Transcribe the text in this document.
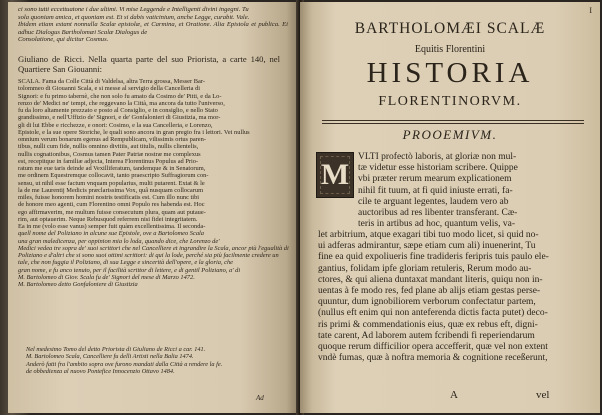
ci sono tutti eccettuatone i due ultimi. Vi mise Leggende e Intelligenti divini ingegni. Tu

sola quoniam amica, et quoniam est. Et si dabis vaticinium, anche Legge, curabit. Vale.

Ibidem etiam extant nonnulla Scalæ epistolæ, et Carmina, et Oratione. Alia Epistola et publica. Ei adhuc Dialogus Bartholomæi Scalæ Dialogus de

Consolatione, qui dicitur Cosmus.

Giuliano de Ricci. Nella quarta parte del suo Priorista, a carte 140, nel Quartiere San Giouanni:

SCALA. Fama da Colle Città di Valdelsa, altra Terra grossa, Messer Bar-
tolommeo di Giouanni Scala, e si messe al servigio della Cancelleria di
Signori: e fu primo tabernè, che non solo fu amato da Cosimo de' Pitti, e da Lo-
renzo de' Medici ne' tempi, che reggevano la Città, ma ancora da tutto l'universo,
fu da loro altamente prezzato e posto al Consiglio, e in consiglio, e nello Stato
grandissimo, e nell'Uffizio de' Signori, e de' Gonfalonieri di Giustizia, ma mor-
gli di lui Ebbe e ricchezze, e onori: Cosimo, e la sua Cancelleria, e Lorenzo,
Epistole, e la sue opere Storiche, le quali sono ancora in gran pregio fra i lettori. Vei nullus
omnium verum bonarum egenus ad Rempublicam, vilissimis ortus paren-
tibus, nulli cum fide, nullis omnino divitiis, aut titulis, nullis clientelis,
nullis cognationibus, Cosmus tamen Pater Patriæ nostræ me complexus
est, recepitque in familiæ adjecta, Interea Florentinus Populus ad Prio-
ratum me eue taris deinde ad Vexilliferatum, tandemque & in Senatorum,
me ordinem Equestremque collocavit, tanto praescripto Suffragiorum con-
sensu, ut nihil esse factum vnquam popularius, multi putarent. Extat & le
la de me Laurentij Medicis præclarissima Vox, quâ nusquam collocarum
miles, fuisse honorem homini nostris testificatis est. Cum illo nunc tibi
de honore meo agenti, cum Florentino omni Populo res habenda est. Hoc
ego affirmaverim, me multum fuisse consecutum plura, quam aut putaue-
rim, aut optauerim. Neque Rebusquod referrem nisi fidei integritatem.
Ea in me (volo esse vanus) semper fuit quàm excellentissima. Il seconda-
quell nome del Poliziano in alcune sue Epistole, ove a Bartolomeo Scala
una gran maledicenza, per oppinion mia lo loda, quando dice, che Lorenzo de'
Medici vedea tre sopra de' suoi scrittori che nel Cancelliere et ingrandire la Scala, ancor più l'egualità di
Poliziano e d'altri che si sono suoi ottimi scrittori: di qui la lode, perché sia più facilmente credere un
tale, che non fuggia il Poliziano, di sua Legge e sincerità dell'opere, e la gloria, che
gran nome, e fu anco tenuto, per il facilità scrittor di lettere, e di gentil Poliziano, a' di
M. Bartolomeo di Giov. Scala fu de' Signori del mese di Marzo 1472.
M. Bartolomeo detto Gonfaloniere di Giustizia
Nel medesimo Tomo del detto Priorista di Giuliano de Ricci a car. 141.
M. Bartolomeo Scala, Cancelliere fu delli Artisti nella Balia 1474.
Anderò fatti fra l'ambito sopra ove furono mandati dalla Città a rendere la fe.
de obbedienza al nuovo Pontefice Innocenzio Ottavo 1484.
Ad
I
BARTHOLOMÆI SCALÆ
Equitis Florentini
HISTORIA
FLORENTINORVM.
PROOEMIVM.
M
VLTI profectò laboris, at gloriæ non mul-
tæ videtur esse historiam scribere. Quippe
vbi præter rerum mearum explicationem
nihil fit tuum, at fi quid iniuste errati, fa-
cile te arguant legentes, laudem vero ab
auctoribus ad res libenter transferant. Cæ-
teris in artibus ad hoc, quantum velis, va-
let arbitrium, atque exagari tibi tuo modo licet, si quid no-
ui adferas admirantur, sæpe etiam cum ali) inuenerint, Tu
fine ea quid expoliueris fine tradideris feripris tuis paulo ele-
gantius, folidam ipfe gloriam retuleris, Rerum modo au-
ctores, & qui aliena duntaxat mandant literis, quiqu non in-
uentas à fe modo res, fed plane ab alijs etiam gestas perse-
quuntur, dum ignobiliorem verborum confectatur partem,
(nullus eft enim qui non anteferenda dictis facta putet) deco-
ris primi & commendationis eius, quæ ex rebus eft, digni-
tate carent, Ad laborem autem fcribendi fi reperiendarum
quoque rerum difficilior opera accefferit, quæ vel non extent
vndè fumas, quæ à noftra memoria & cognitione receßerunt,
A	vel
